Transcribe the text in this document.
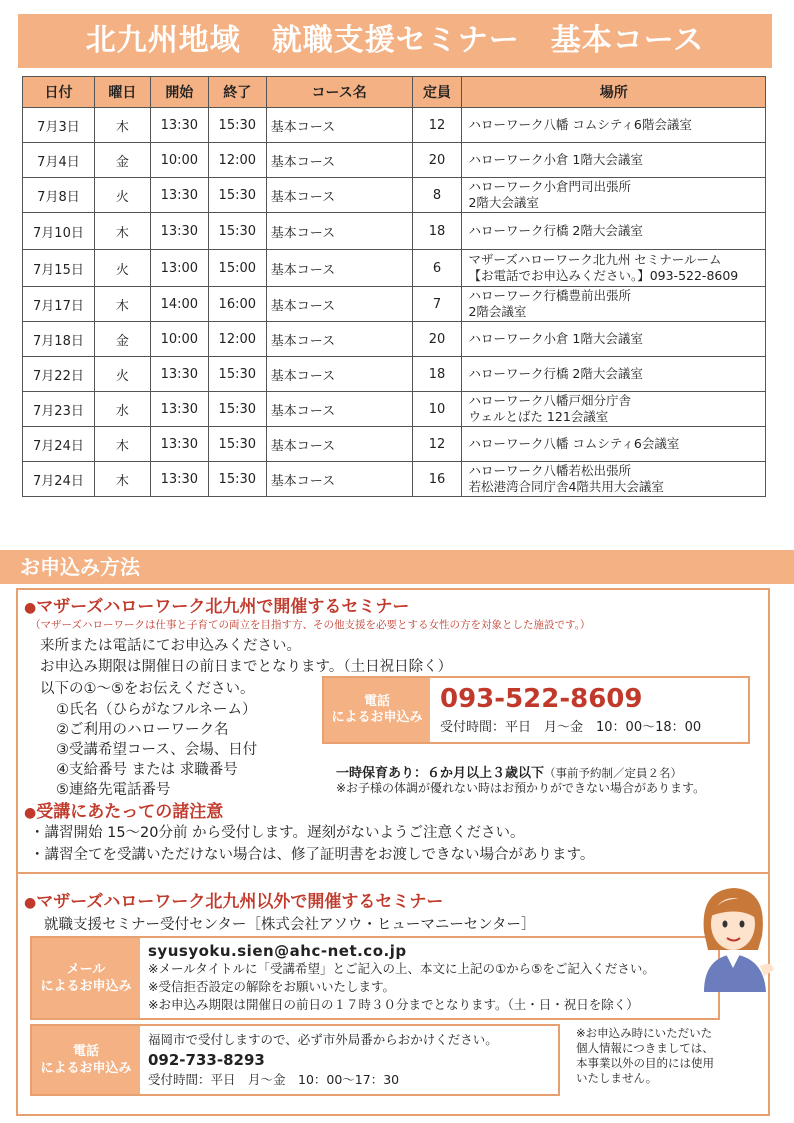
北九州地域　就職支援セミナー　基本コース
日付	曜日	開始	終了	コース名	定員	場所
7月3日	木	13:30	15:30	基本コース	12	ハローワーク八幡 コムシティ6階会議室

7月4日	金	10:00	12:00	基本コース	20	ハローワーク小倉 1階大会議室

7月8日	火	13:30	15:30	基本コース	8	ハローワーク小倉門司出張所
2階大会議室

7月10日	木	13:30	15:30	基本コース	18	ハローワーク行橋 2階大会議室

7月15日	火	13:00	15:00	基本コース	6	マザーズハローワーク北九州 セミナールーム
【お電話でお申込みください。】093-522-8609

7月17日	木	14:00	16:00	基本コース	7	ハローワーク行橋豊前出張所
2階会議室

7月18日	金	10:00	12:00	基本コース	20	ハローワーク小倉 1階大会議室

7月22日	火	13:30	15:30	基本コース	18	ハローワーク行橋 2階大会議室

7月23日	水	13:30	15:30	基本コース	10	ハローワーク八幡戸畑分庁舎
ウェルとばた 121会議室

7月24日	木	13:30	15:30	基本コース	12	ハローワーク八幡 コムシティ6会議室

7月24日	木	13:30	15:30	基本コース	16	ハローワーク八幡若松出張所
若松港湾合同庁舎4階共用大会議室
お申込み方法
●マザーズハローワーク北九州で開催するセミナー
（マザーズハローワークは仕事と子育ての両立を目指す方、その他支援を必要とする女性の方を対象とした施設です。）
来所または電話にてお申込みください。
お申込み期限は開催日の前日までとなります。（土日祝日除く）
以下の①～⑤をお伝えください。
①氏名（ひらがなフルネーム）
②ご利用のハローワーク名
③受講希望コース、会場、日付
④支給番号 または 求職番号
⑤連絡先電話番号
電話
によるお申込み
093-522-8609
受付時間：平日　月～金　10：00～18：00
一時保育あり：６か月以上３歳以下（事前予約制／定員２名）
※お子様の体調が優れない時はお預かりができない場合があります。
●受講にあたっての諸注意
・講習開始 15～20分前 から受付します。遅刻がないようご注意ください。
・講習全てを受講いただけない場合は、修了証明書をお渡しできない場合があります。
●マザーズハローワーク北九州以外で開催するセミナー
就職支援セミナー受付センター［株式会社アソウ・ヒューマニーセンター］
メール
によるお申込み
syusyoku.sien@ahc-net.co.jp
※メールタイトルに「受講希望」とご記入の上、本文に上記の①から⑤をご記入ください。
※受信拒否設定の解除をお願いいたします。
※お申込み期限は開催日の前日の１７時３０分までとなります。（土・日・祝日を除く）
電話
によるお申込み
福岡市で受付しますので、必ず市外局番からおかけください。
092-733-8293
受付時間：平日　月～金　10：00～17：30
※お申込み時にいただいた
個人情報につきましては、
本事業以外の目的には使用
いたしません。
